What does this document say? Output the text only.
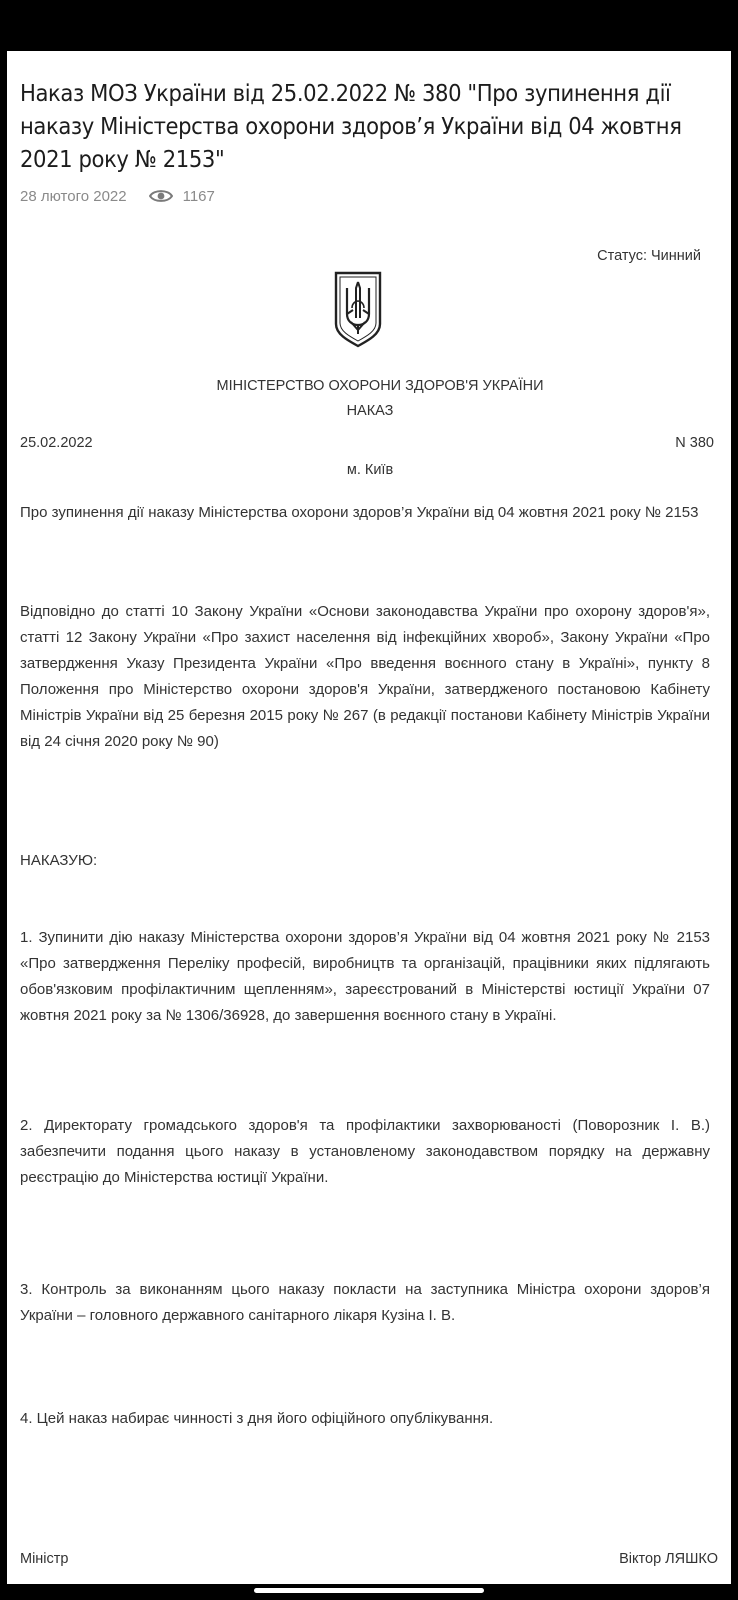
Наказ МОЗ України від 25.02.2022 № 380 "Про зупинення дії наказу Міністерства охорони здоров’я України від 04 жовтня 2021 року № 2153"
28 лютого 2022	1167
Статус: Чинний
МІНІСТЕРСТВО ОХОРОНИ ЗДОРОВ'Я УКРАЇНИ
НАКАЗ
25.02.2022	N 380
м. Київ

Про зупинення дії наказу Міністерства охорони здоров’я України від 04 жовтня 2021 року № 2153

Відповідно до статті 10 Закону України «Основи законодавства України про охорону здоров'я», статті 12 Закону України «Про захист населення від інфекційних хвороб», Закону України «Про затвердження Указу Президента України «Про введення воєнного стану в Україні», пункту 8 Положення про Міністерство охорони здоров'я України, затвердженого постановою Кабінету Міністрів України від 25 березня 2015 року № 267 (в редакції постанови Кабінету Міністрів України від 24 січня 2020 року № 90)

НАКАЗУЮ:

1. Зупинити дію наказу Міністерства охорони здоров’я України від 04 жовтня 2021 року № 2153 «Про затвердження Переліку професій, виробництв та організацій, працівники яких підлягають обов'язковим профілактичним щепленням», зареєстрований в Міністерстві юстиції України 07 жовтня 2021 року за № 1306/36928, до завершення воєнного стану в Україні.

2. Директорату громадського здоров'я та профілактики захворюваності (Поворозник І. В.) забезпечити подання цього наказу в установленому законодавством порядку на державну реєстрацію до Міністерства юстиції України.

3. Контроль за виконанням цього наказу покласти на заступника Міністра охорони здоров’я України – головного державного санітарного лікаря Кузіна І. В.

4. Цей наказ набирає чинності з дня його офіційного опублікування.

Міністр	Віктор ЛЯШКО
